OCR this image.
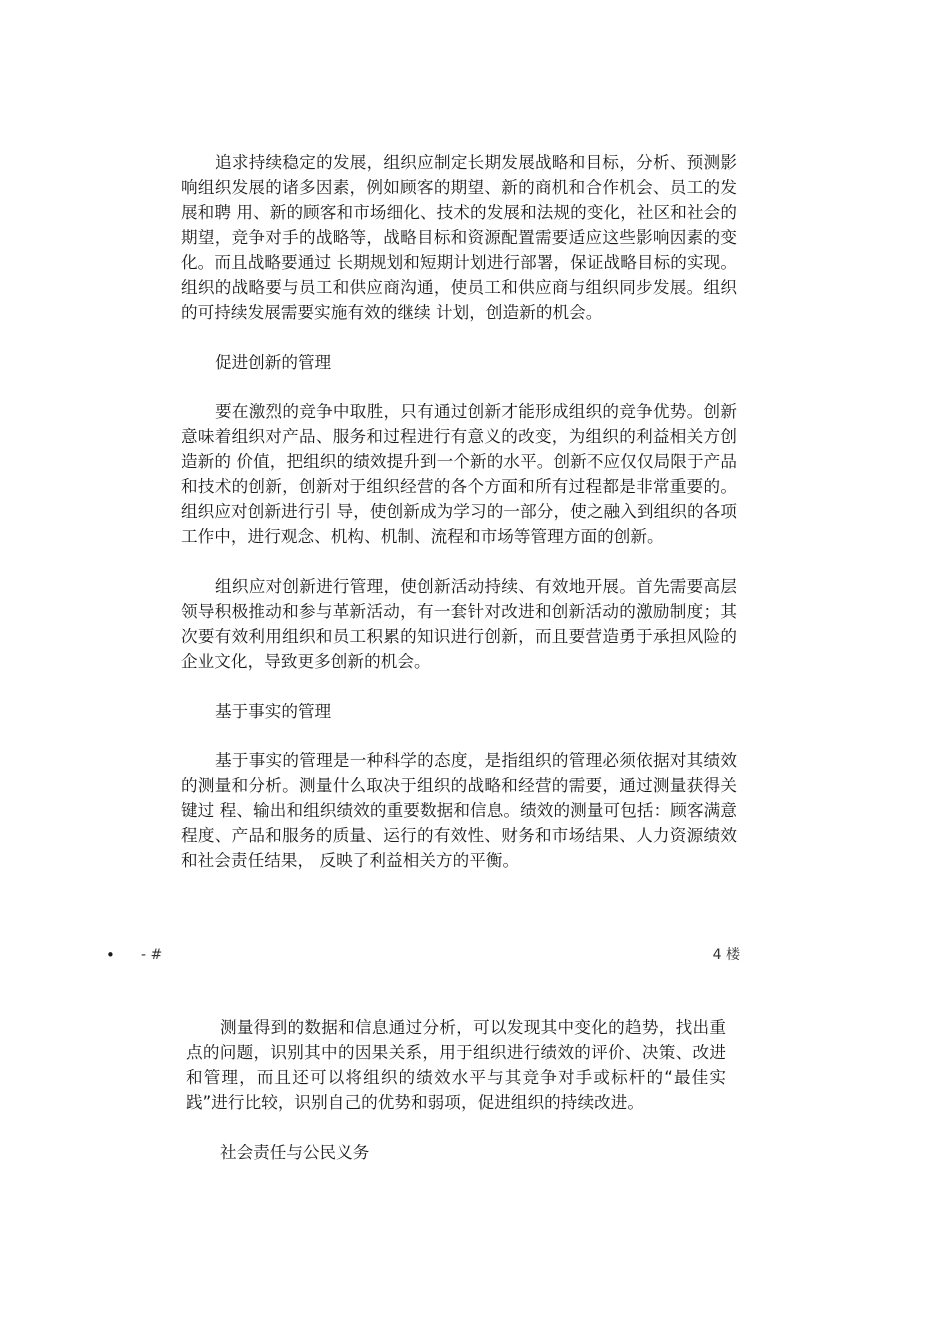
追求持续稳定的发展，组织应制定长期发展战略和目标，分析、预测影响组织发展的诸多因素，例如顾客的期望、新的商机和合作机会、员工的发展和聘 用、新的顾客和市场细化、技术的发展和法规的变化，社区和社会的期望，竞争对手的战略等，战略目标和资源配置需要适应这些影响因素的变化。而且战略要通过 长期规划和短期计划进行部署，保证战略目标的实现。组织的战略要与员工和供应商沟通，使员工和供应商与组织同步发展。组织的可持续发展需要实施有效的继续 计划，创造新的机会。

促进创新的管理

要在激烈的竞争中取胜，只有通过创新才能形成组织的竞争优势。创新意味着组织对产品、服务和过程进行有意义的改变，为组织的利益相关方创造新的 价值，把组织的绩效提升到一个新的水平。创新不应仅仅局限于产品和技术的创新，创新对于组织经营的各个方面和所有过程都是非常重要的。组织应对创新进行引 导，使创新成为学习的一部分，使之融入到组织的各项工作中，进行观念、机构、机制、流程和市场等管理方面的创新。

组织应对创新进行管理，使创新活动持续、有效地开展。首先需要高层领导积极推动和参与革新活动，有一套针对改进和创新活动的激励制度；其次要有效利用组织和员工积累的知识进行创新，而且要营造勇于承担风险的企业文化，导致更多创新的机会。

基于事实的管理

基于事实的管理是一种科学的态度，是指组织的管理必须依据对其绩效的测量和分析。测量什么取决于组织的战略和经营的需要，通过测量获得关键过 程、输出和组织绩效的重要数据和信息。绩效的测量可包括：顾客满意程度、产品和服务的质量、运行的有效性、财务和市场结果、人力资源绩效和社会责任结果， 反映了利益相关方的平衡。

• - #	4 楼

测量得到的数据和信息通过分析，可以发现其中变化的趋势，找出重点的问题，识别其中的因果关系，用于组织进行绩效的评价、决策、改进和管理，而且还可以将组织的绩效水平与其竞争对手或标杆的“最佳实践”进行比较，识别自己的优势和弱项，促进组织的持续改进。

社会责任与公民义务
